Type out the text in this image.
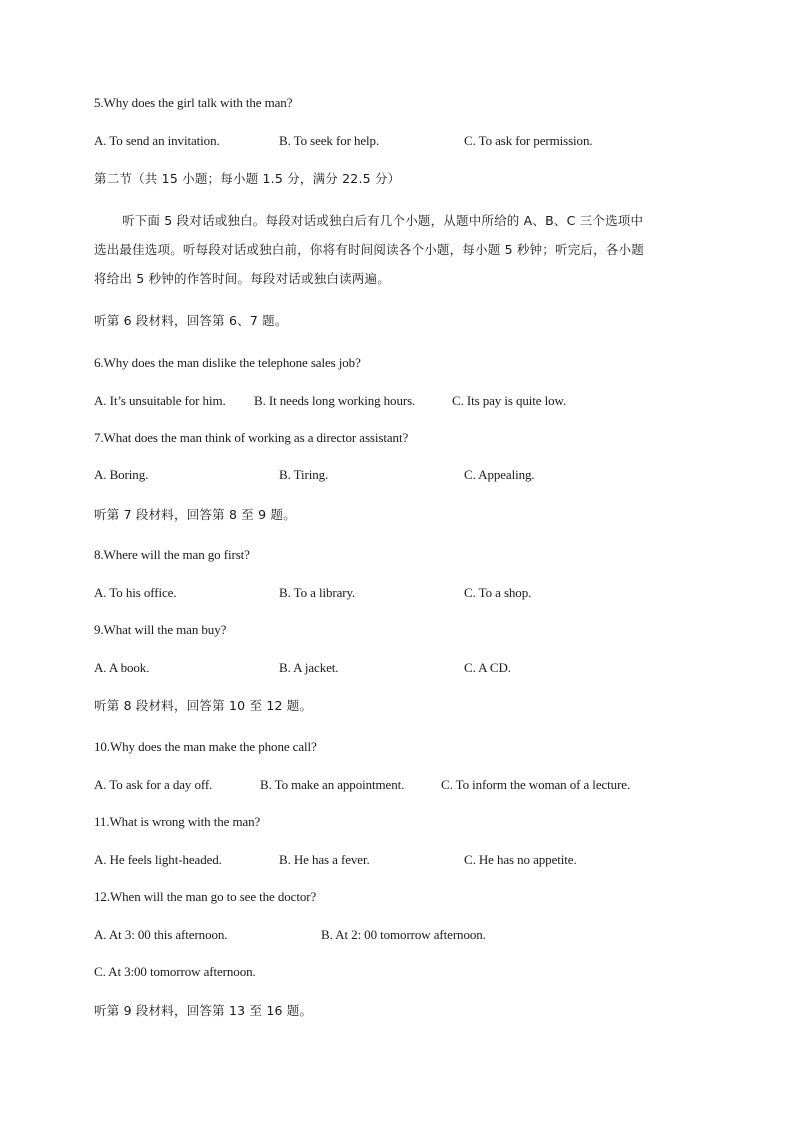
5.Why does the girl talk with the man?
A. To send an invitation.	B. To seek for help.	C. To ask for permission.
第二节（共 15 小题；每小题 1.5 分，满分 22.5 分）
听下面 5 段对话或独白。每段对话或独白后有几个小题，从题中所给的 A、B、C 三个选项中
选出最佳选项。听每段对话或独白前，你将有时间阅读各个小题，每小题 5 秒钟；听完后，各小题
将给出 5 秒钟的作答时间。每段对话或独白读两遍。
听第 6 段材料，回答第 6、7 题。
6.Why does the man dislike the telephone sales job?
A. It’s unsuitable for him. B. It needs long working hours.	C. Its pay is quite low.
7.What does the man think of working as a director assistant?
A. Boring.	B. Tiring.	C. Appealing.
听第 7 段材料，回答第 8 至 9 题。
8.Where will the man go first?
A. To his office.	B. To a library.	C. To a shop.
9.What will the man buy?
A. A book.	B. A jacket.	C. A CD.
听第 8 段材料，回答第 10 至 12 题。
10.Why does the man make the phone call?
A. To ask for a day off.	B. To make an appointment.	C. To inform the woman of a lecture.
11.What is wrong with the man?
A. He feels light-headed.	B. He has a fever.	C. He has no appetite.
12.When will the man go to see the doctor?
A. At 3: 00 this afternoon.	B. At 2: 00 tomorrow afternoon.
C. At 3:00 tomorrow afternoon.
听第 9 段材料，回答第 13 至 16 题。
